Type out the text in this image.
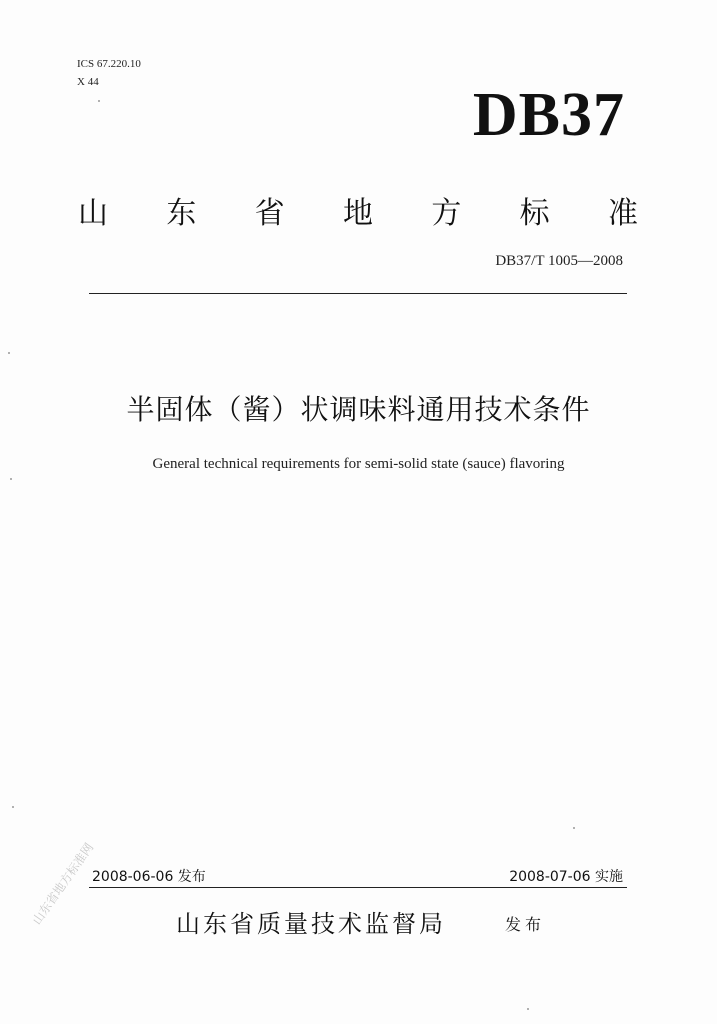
ICS 67.220.10
X 44	DB37
山 东 省 地 方 标 准
DB37/T 1005—2008
半固体（酱）状调味料通用技术条件
General technical requirements for semi-solid state (sauce) flavoring
2008-06-06 发布	2008-07-06 实施
山东省质量技术监督局	发布
山东省地方标准网
